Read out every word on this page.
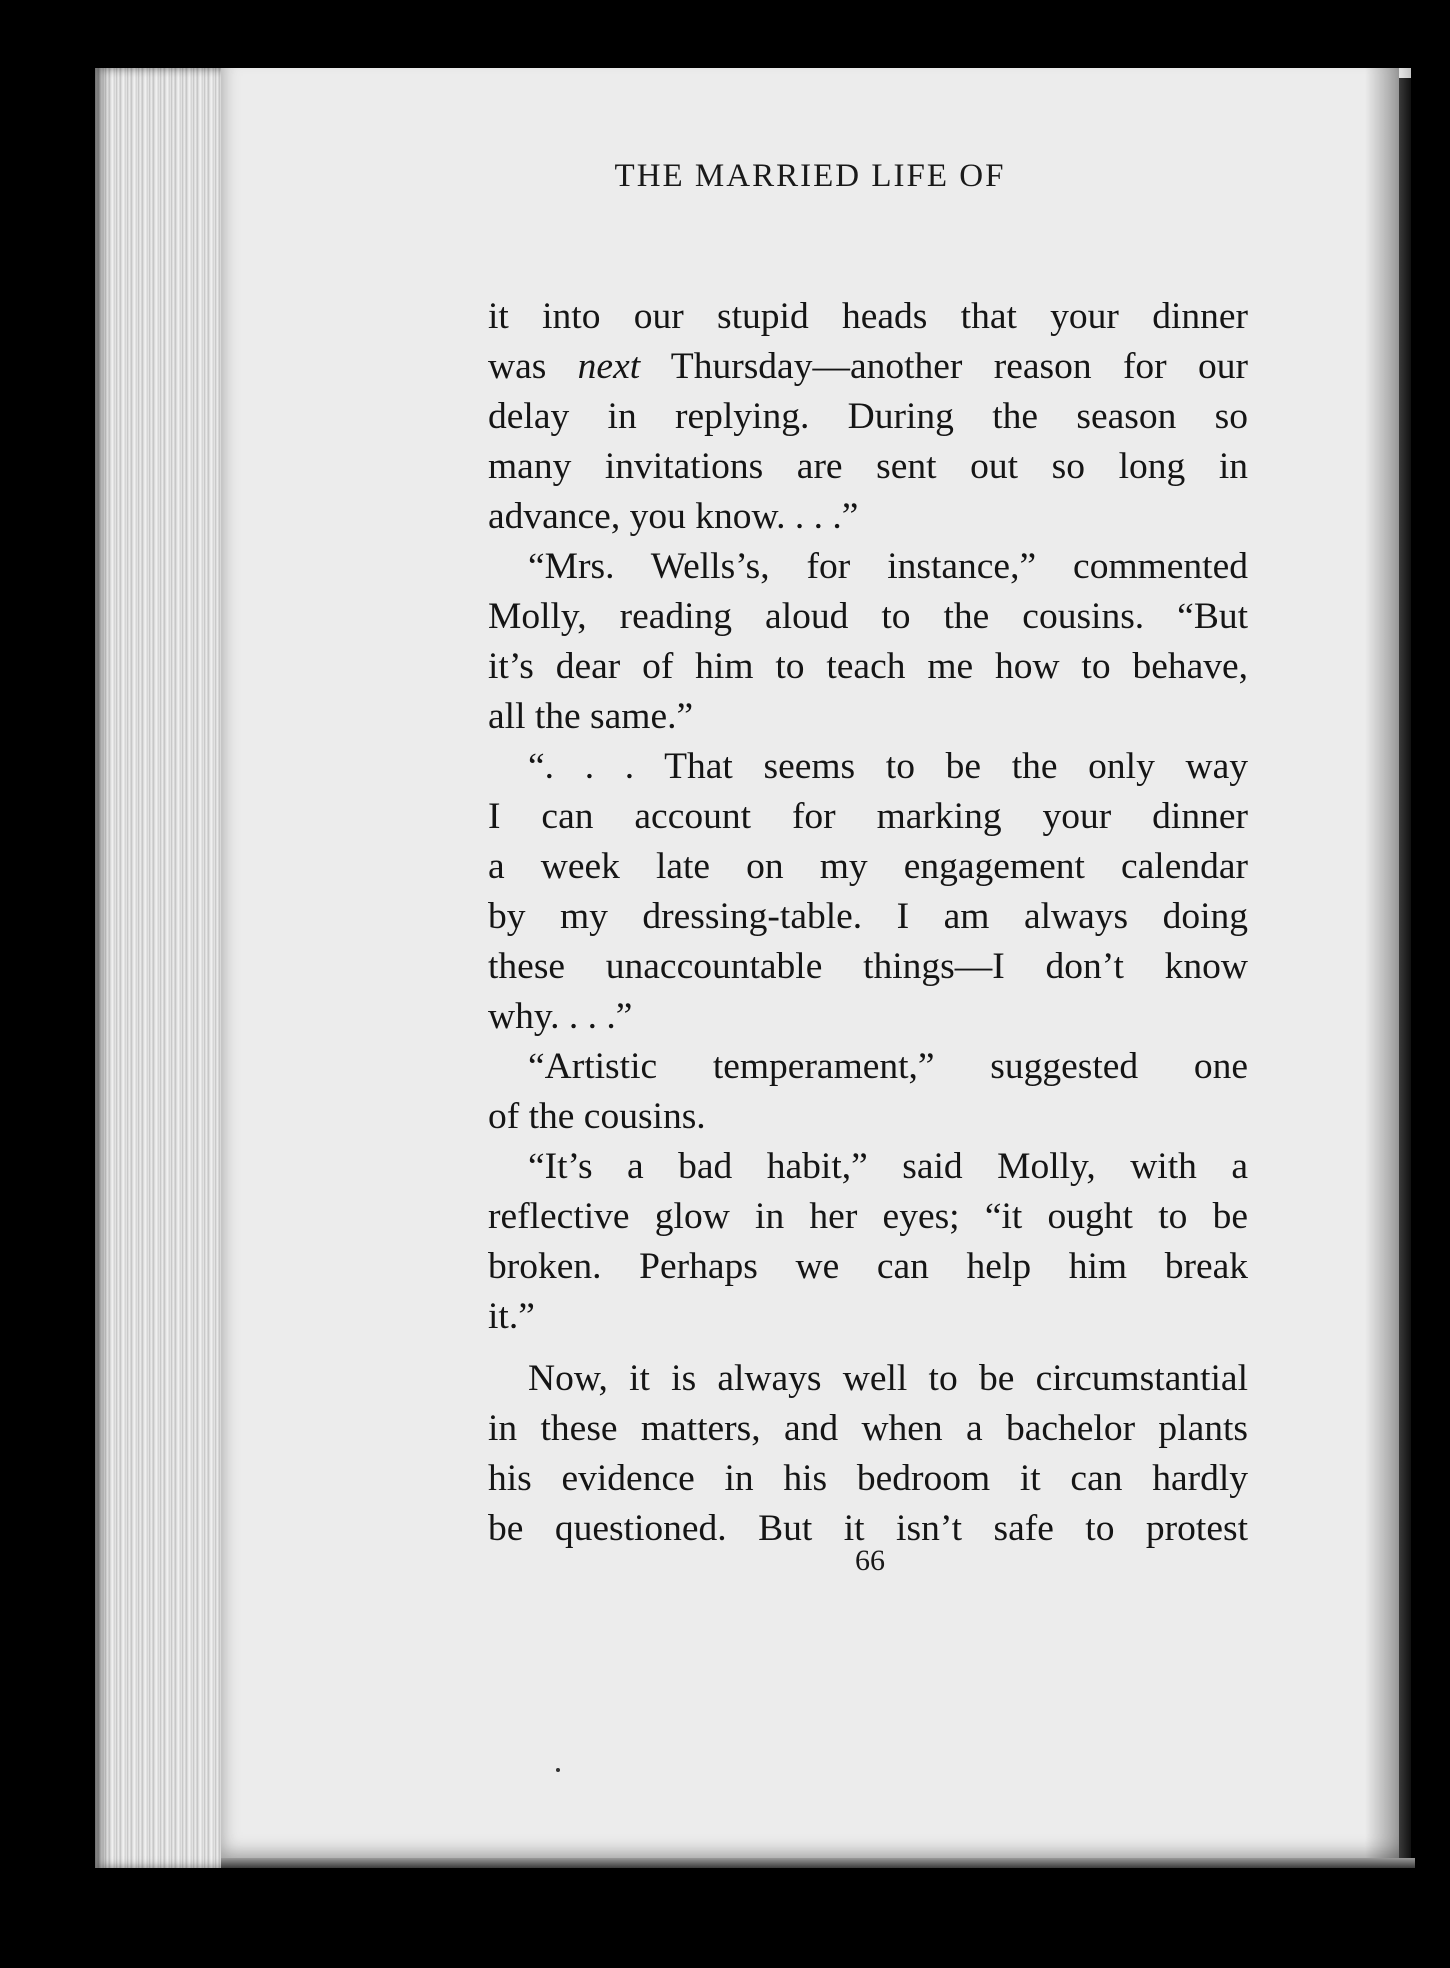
THE MARRIED LIFE OF
it into our stupid heads that your dinner
was next Thursday—another reason for our
delay in replying. During the season so
many invitations are sent out so long in
advance, you know. . . .”
“Mrs. Wells’s, for instance,” commented
Molly, reading aloud to the cousins. “But
it’s dear of him to teach me how to behave,
all the same.”
“. . . That seems to be the only way
I can account for marking your dinner
a week late on my engagement calendar
by my dressing-table. I am always doing
these unaccountable things—I don’t know
why. . . .”
“Artistic temperament,” suggested one
of the cousins.
“It’s a bad habit,” said Molly, with a
reflective glow in her eyes; “it ought to be
broken. Perhaps we can help him break
it.”
Now, it is always well to be circumstantial
in these matters, and when a bachelor plants
his evidence in his bedroom it can hardly
be questioned. But it isn’t safe to protest
66
